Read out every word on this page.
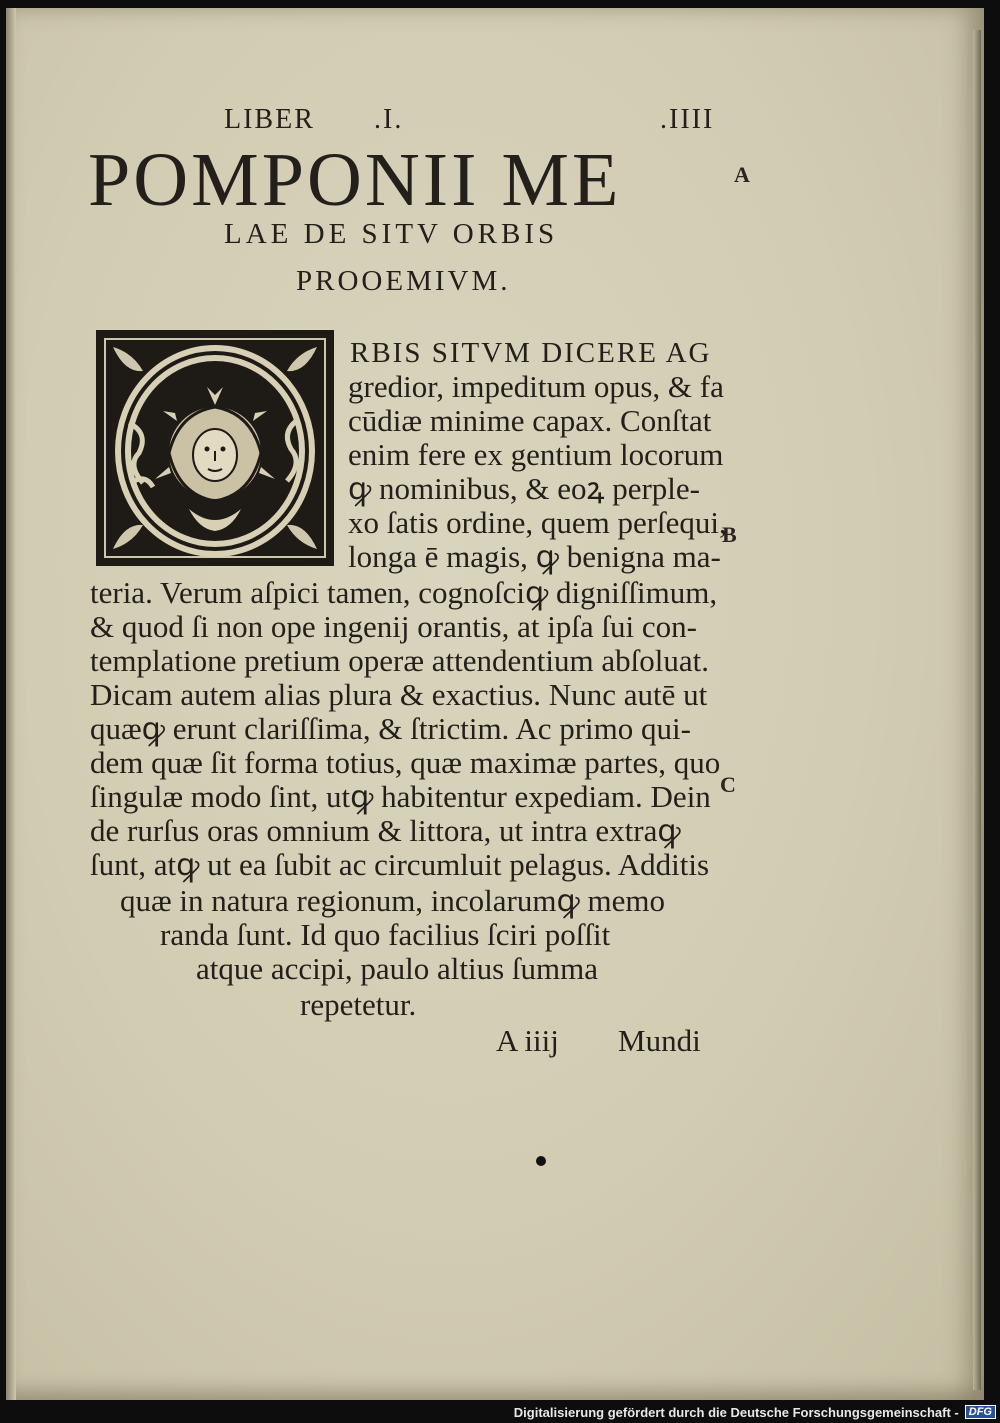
LIBER .I.	.IIII
POMPONII ME
LAE DE SITV ORBIS
PROOEMIVM.
A
B
C
RBIS SITVM DICERE AG
gredior, impeditum opus, & fa
cūdiæ minime capax. Conſtat
enim fere ex gentium locorum
ꝙ nominibus, & eoꝝ perple-
xo ſatis ordine, quem perſequi,
longa ē magis, ꝙ benigna ma-
teria. Verum aſpici tamen, cognoſciꝙ digniſſimum,
& quod ſi non ope ingenij orantis, at ipſa ſui con-
templatione pretium operæ attendentium abſoluat.
Dicam autem alias plura & exactius. Nunc autē ut
quæꝙ erunt clariſſima, & ſtrictim. Ac primo qui-
dem quæ ſit forma totius, quæ maximæ partes, quo
ſingulæ modo ſint, utꝙ habitentur expediam. Dein
de rurſus oras omnium & littora, ut intra extraꝙ
ſunt, atꝙ ut ea ſubit ac circumluit pelagus. Additis
quæ in natura regionum, incolarumꝙ memo
randa ſunt. Id quo facilius ſciri poſſit
atque accipi, paulo altius ſumma
repetetur.
A iiij Mundi
Digitalisierung gefördert durch die Deutsche Forschungsgemeinschaft - DFG
